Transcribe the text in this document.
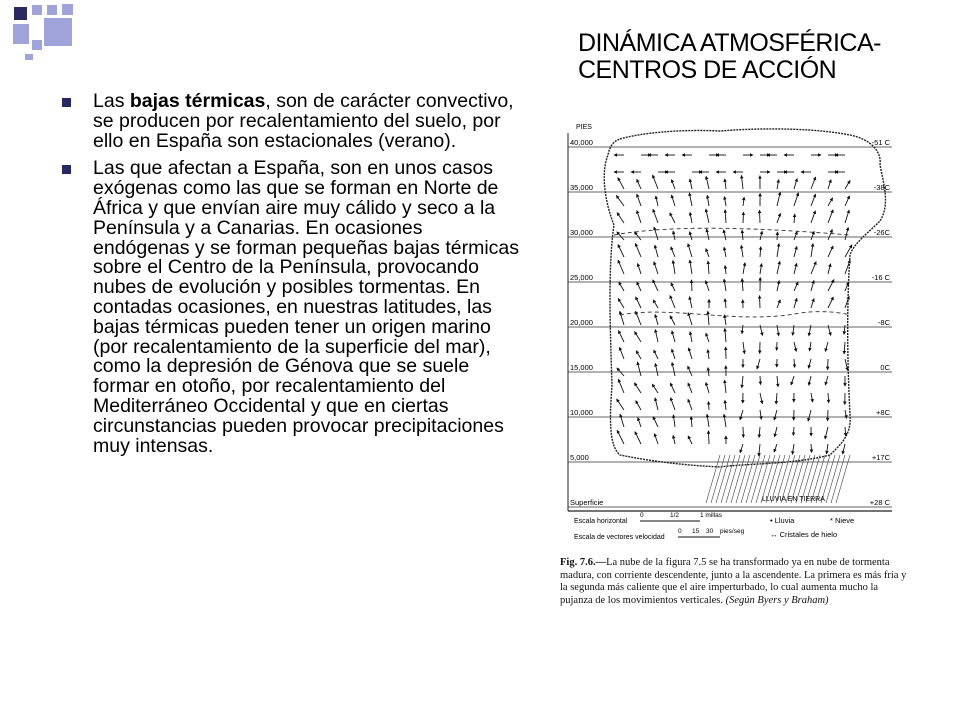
DINÁMICA ATMOSFÉRICA-
CENTROS DE ACCIÓN
Las bajas térmicas, son de carácter convectivo, se producen por recalentamiento del suelo, por ello en España son estacionales (verano).
Las que afectan a España, son en unos casos exógenas como las que se forman en Norte de África y que envían aire muy cálido y seco a la Península y a Canarias. En ocasiones endógenas y se forman pequeñas bajas térmicas sobre el Centro de la Península, provocando nubes de evolución y posibles tormentas. En contadas ocasiones, en nuestras latitudes, las bajas térmicas pueden tener un origen marino (por recalentamiento de la superficie del mar), como la depresión de Génova que se suele formar en otoño, por recalentamiento del Mediterráneo Occidental y que en ciertas circunstancias pueden provocar precipitaciones muy intensas.
PIES
40,000	-51 C
35,000	-38C
30,000	-26C
25,000	-16 C
20,000	-8C
15,000	0C
10,000	+8C
5,000	+17C
Superficie	+28 C
LLUVIA EN TIERRA
Escala horizontal
0	1/2	1 millas
Escala de vectores velocidad
0 15 30 pies/seg
• Lluvia	* Nieve
↔ Cristales de hielo
Fig. 7.6.—La nube de la figura 7.5 se ha transformado ya en nube de tormenta madura, con corriente descendente, junto a la ascendente. La primera es más fría y la segunda más caliente que el aire imperturbado, lo cual aumenta mucho la pujanza de los movimientos verticales. (Según Byers y Braham)
